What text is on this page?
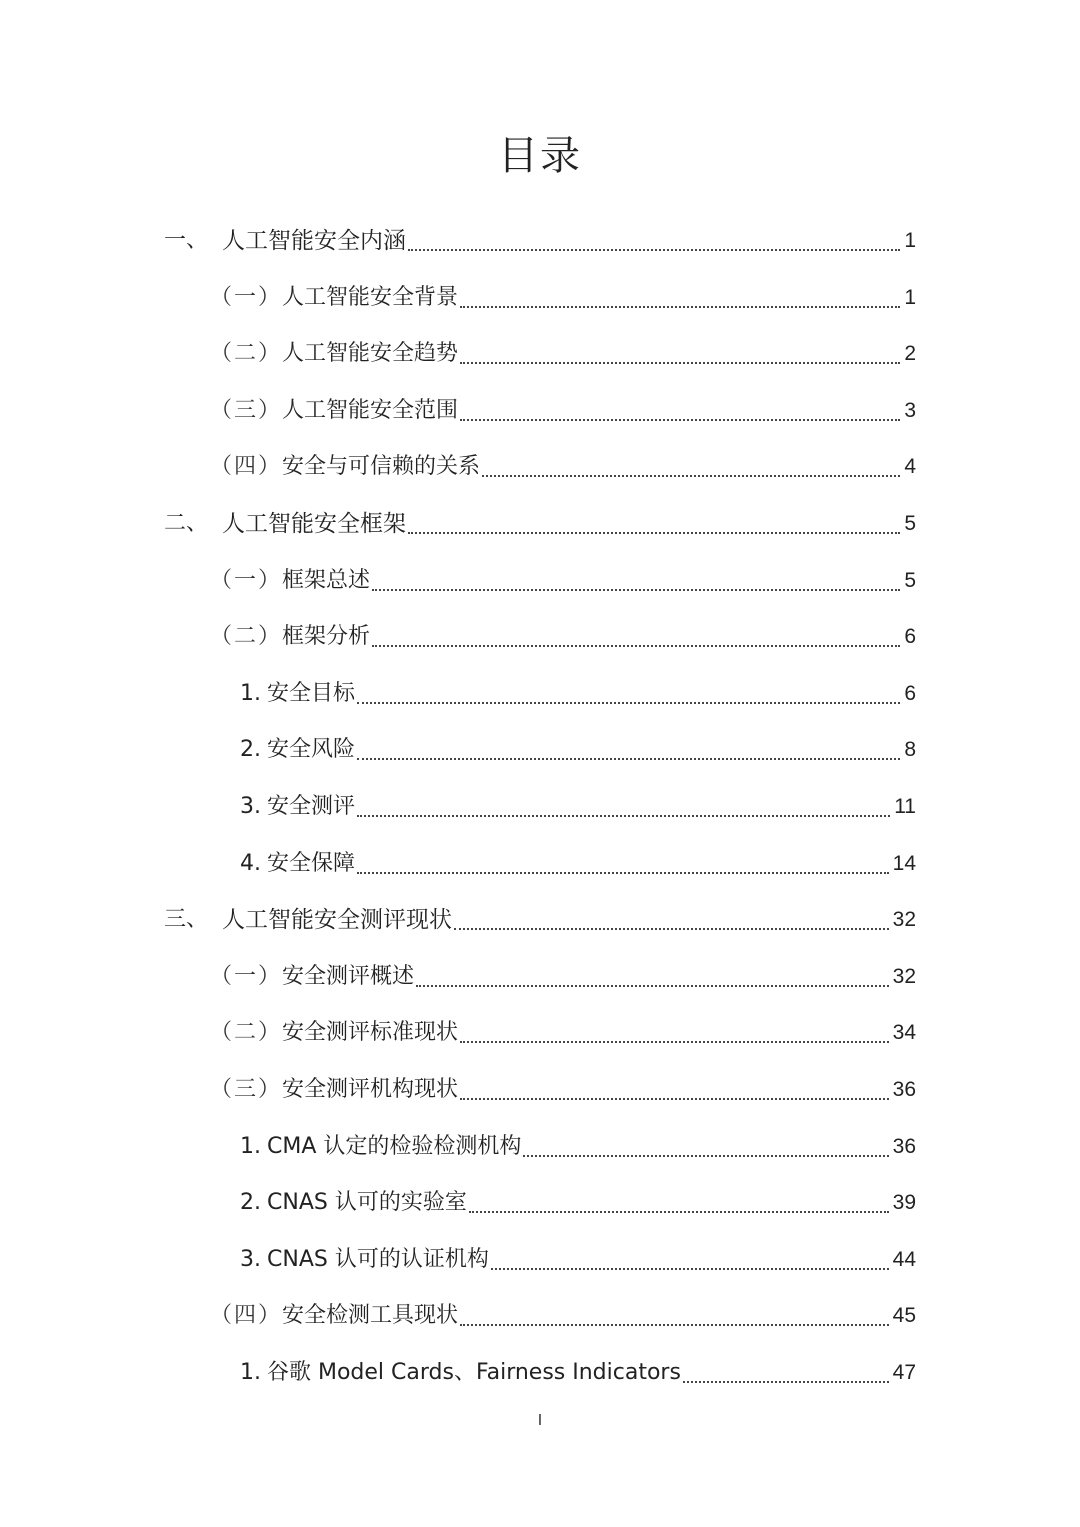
目录
一、 人工智能安全内涵	1
（一） 人工智能安全背景	1
（二） 人工智能安全趋势	2
（三） 人工智能安全范围	3
（四） 安全与可信赖的关系	4
二、 人工智能安全框架	5
（一） 框架总述	5
（二） 框架分析	6
1. 安全目标	6
2. 安全风险	8
3. 安全测评	11
4. 安全保障	14
三、 人工智能安全测评现状	32
（一） 安全测评概述	32
（二） 安全测评标准现状	34
（三） 安全测评机构现状	36
1. CMA 认定的检验检测机构	36
2. CNAS 认可的实验室	39
3. CNAS 认可的认证机构	44
（四） 安全检测工具现状	45
1. 谷歌 Model Cards、Fairness Indicators	47
I
